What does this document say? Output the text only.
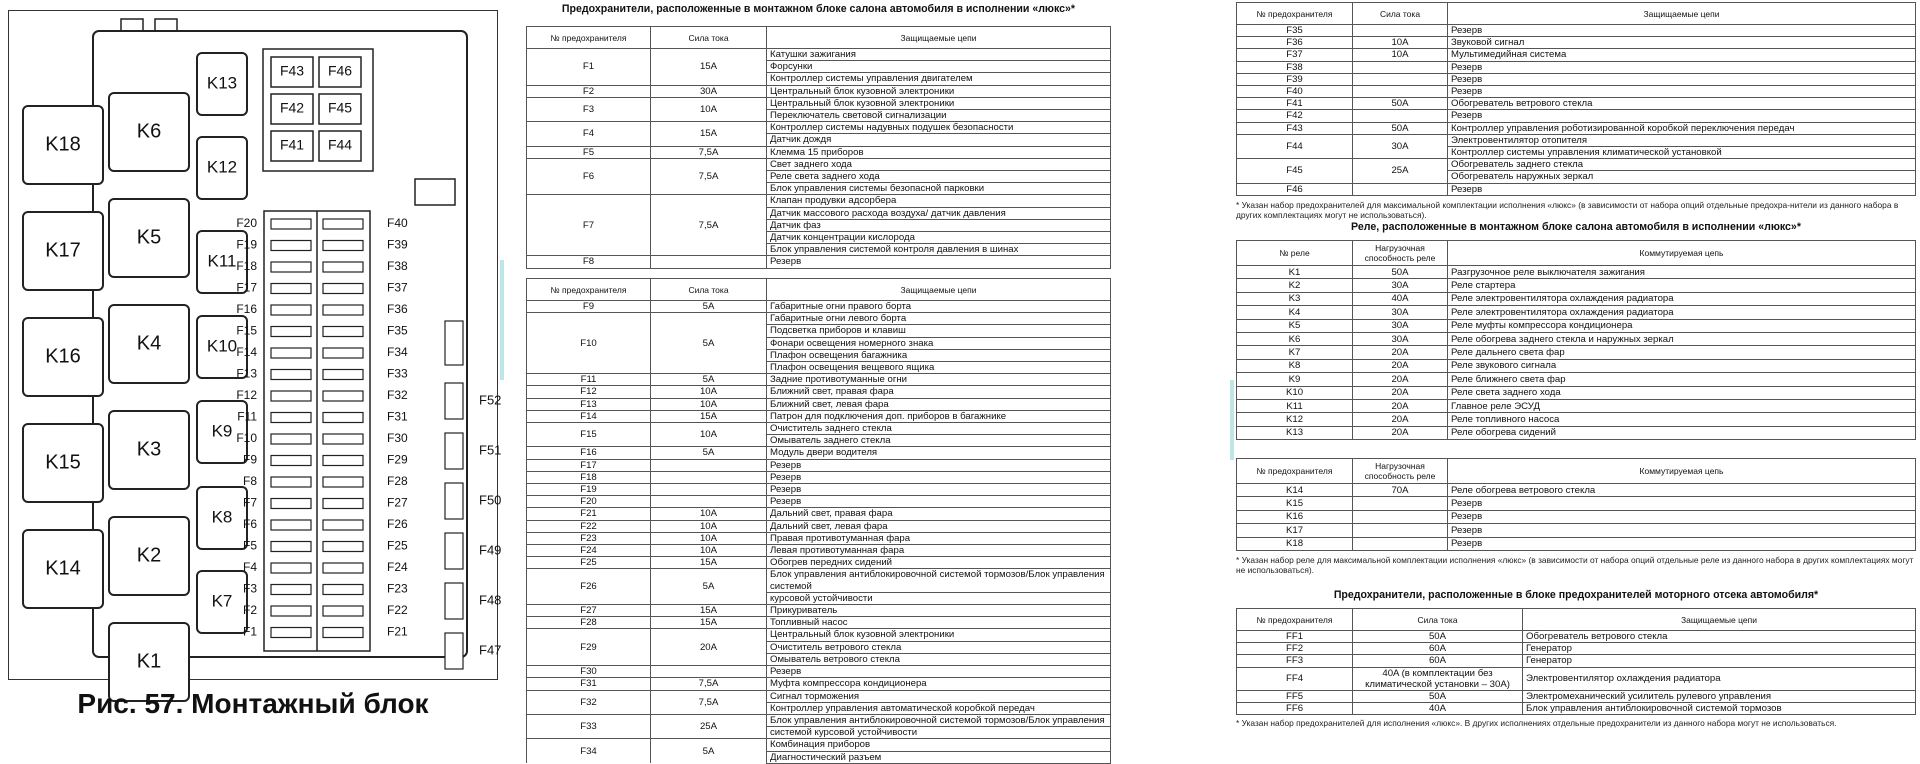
K18
K17
K16
K15
K14
K6
K5
K4
K3
K2
K1
K13
K12
K11
K10
K9
K8
K7
F43 F46
F42 F45
F41 F44
F20
F19
F18
F17
F16
F15
F14
F13
F12
F11
F10
F9
F8
F7
F6
F5
F4
F3
F2
F1
F40
F39
F38
F37
F36
F35
F34
F33
F32
F31
F30
F29
F28
F27
F26
F25
F24
F23
F22
F21
F52
F51
F50
F49
F48
F47
Рис. 57. Монтажный блок
Предохранители, расположенные в монтажном блоке салона автомобиля в исполнении «люкс»*
№ предохранителя	Сила тока	Защищаемые цепи
F1	15A	Катушки зажигания
		Форсунки
		Контроллер системы управления двигателем
F2	30A	Центральный блок кузовной электроники
F3	10A	Центральный блок кузовной электроники
		Переключатель световой сигнализации
F4	15A	Контроллер системы надувных подушек безопасности
		Датчик дождя
F5	7,5A	Клемма 15 приборов
F6	7,5A	Свет заднего хода
		Реле света заднего хода
		Блок управления системы безопасной парковки
F7	7,5A	Клапан продувки адсорбера
		Датчик массового расхода воздуха/ датчик давления
		Датчик фаз
		Датчик концентрации кислорода
		Блок управления системой контроля давления в шинах
F8		Резерв
№ предохранителя	Сила тока	Защищаемые цепи
F9	5A	Габаритные огни правого борта
F10	5A	Габаритные огни левого борта
		Подсветка приборов и клавиш
		Фонари освещения номерного знака
		Плафон освещения багажника
		Плафон освещения вещевого ящика
F11	5A	Задние противотуманные огни
F12	10A	Ближний свет, правая фара
F13	10A	Ближний свет, левая фара
F14	15A	Патрон для подключения доп. приборов в багажнике
F15	10A	Очиститель заднего стекла
		Омыватель заднего стекла
F16	5A	Модуль двери водителя
F17		Резерв
F18		Резерв
F19		Резерв
F20		Резерв
F21	10A	Дальний свет, правая фара
F22	10A	Дальний свет, левая фара
F23	10A	Правая противотуманная фара
F24	10A	Левая противотуманная фара
F25	15A	Обогрев передних сидений
F26	5A	Блок управления антиблокировочной системой тормозов/Блок управления системой
		курсовой устойчивости
F27	15A	Прикуриватель
F28	15A	Топливный насос
F29	20A	Центральный блок кузовной электроники
		Очиститель ветрового стекла
		Омыватель ветрового стекла
F30		Резерв
F31	7,5A	Муфта компрессора кондиционера
F32	7,5A	Сигнал торможения
		Контроллер управления автоматической коробкой передач
F33	25A	Блок управления антиблокировочной системой тормозов/Блок управления
		системой курсовой устойчивости
F34	5A	Комбинация приборов
		Диагностический разъем
№ предохранителя	Сила тока	Защищаемые цепи
F35		Резерв
F36	10A	Звуковой сигнал
F37	10A	Мультимедийная система
F38		Резерв
F39		Резерв
F40		Резерв
F41	50A	Обогреватель ветрового стекла
F42		Резерв
F43	50A	Контроллер управления роботизированной коробкой переключения передач
F44	30A	Электровентилятор отопителя
		Контроллер системы управления климатической установкой
F45	25A	Обогреватель заднего стекла
		Обогреватель наружных зеркал
F46		Резерв
* Указан набор предохранителей для максимальной комплектации исполнения «люкс» (в зависимости от набора опций отдельные предохра-нители из данного набора в других комплектациях могут не использоваться).
Реле, расположенные в монтажном блоке салона автомобиля в исполнении «люкс»*
№ реле	Нагрузочная способность реле	Коммутируемая цепь
K1	50A	Разгрузочное реле выключателя зажигания
K2	30A	Реле стартера
K3	40A	Реле электровентилятора охлаждения радиатора
K4	30A	Реле электровентилятора охлаждения радиатора
K5	30A	Реле муфты компрессора кондиционера
K6	30A	Реле обогрева заднего стекла и наружных зеркал
K7	20A	Реле дальнего света фар
K8	20A	Реле звукового сигнала
K9	20A	Реле ближнего света фар
K10	20A	Реле света заднего хода
K11	20A	Главное реле ЭСУД
K12	20A	Реле топливного насоса
K13	20A	Реле обогрева сидений
№ предохранителя	Нагрузочная способность реле	Коммутируемая цепь
K14	70A	Реле обогрева ветрового стекла
K15		Резерв
K16		Резерв
K17		Резерв
K18		Резерв
* Указан набор реле для максимальной комплектации исполнения «люкс» (в зависимости от набора опций отдельные реле из данного набора в других комплектациях могут не использоваться).
Предохранители, расположенные в блоке предохранителей моторного отсека автомобиля*
№ предохранителя	Сила тока	Защищаемые цепи
FF1	50A	Обогреватель ветрового стекла
FF2	60A	Генератор
FF3	60A	Генератор
FF4	40A (в комплектации без климатической установки – 30A)	Электровентилятор охлаждения радиатора
FF5	50A	Электромеханический усилитель рулевого управления
FF6	40A	Блок управления антиблокировочной системой тормозов
* Указан набор предохранителей для исполнения «люкс». В других исполнениях отдельные предохранители из данного набора могут не использоваться.
